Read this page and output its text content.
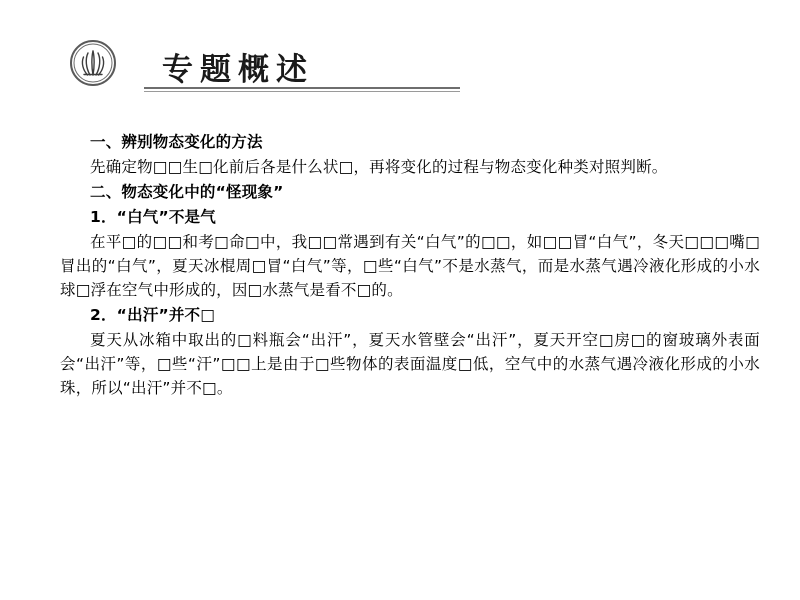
专题概述

一、辨别物态变化的方法

先确定物□□生□化前后各是什么状□，再将变化的过程与物态变化种类对照判断。

二、物态变化中的“怪现象”

1．“白气”不是气

在平□的□□和考□命□中，我□□常遇到有关“白气”的□□，如□□冒“白气”，冬天□□□嘴□冒出的“白气”，夏天冰棍周□冒“白气”等，□些“白气”不是水蒸气，而是水蒸气遇冷液化形成的小水球□浮在空气中形成的，因□水蒸气是看不□的。

2．“出汗”并不□

夏天从冰箱中取出的□料瓶会“出汗”，夏天水管壁会“出汗”，夏天开空□房□的窗玻璃外表面会“出汗”等，□些“汗”□□上是由于□些物体的表面温度□低，空气中的水蒸气遇冷液化形成的小水珠，所以“出汗”并不□。
